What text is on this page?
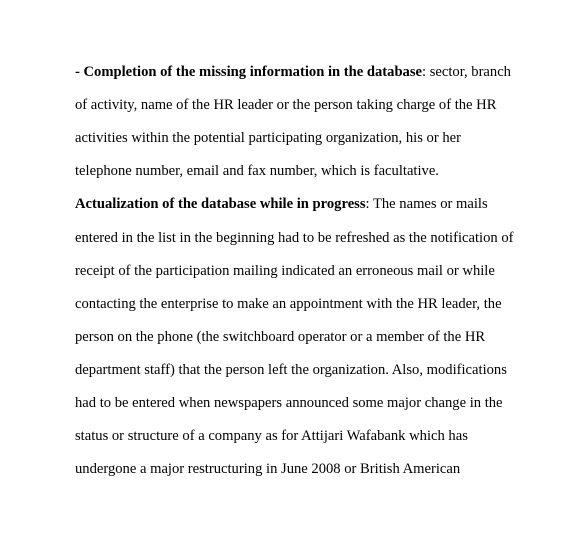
- Completion of the missing information in the database: sector, branch
of activity, name of the HR leader or the person taking charge of the HR
activities within the potential participating organization, his or her
telephone number, email and fax number, which is facultative.
Actualization of the database while in progress: The names or mails
entered in the list in the beginning had to be refreshed as the notification of
receipt of the participation mailing indicated an erroneous mail or while
contacting the enterprise to make an appointment with the HR leader, the
person on the phone (the switchboard operator or a member of the HR
department staff) that the person left the organization. Also, modifications
had to be entered when newspapers announced some major change in the
status or structure of a company as for Attijari Wafabank which has
undergone a major restructuring in June 2008 or British American
